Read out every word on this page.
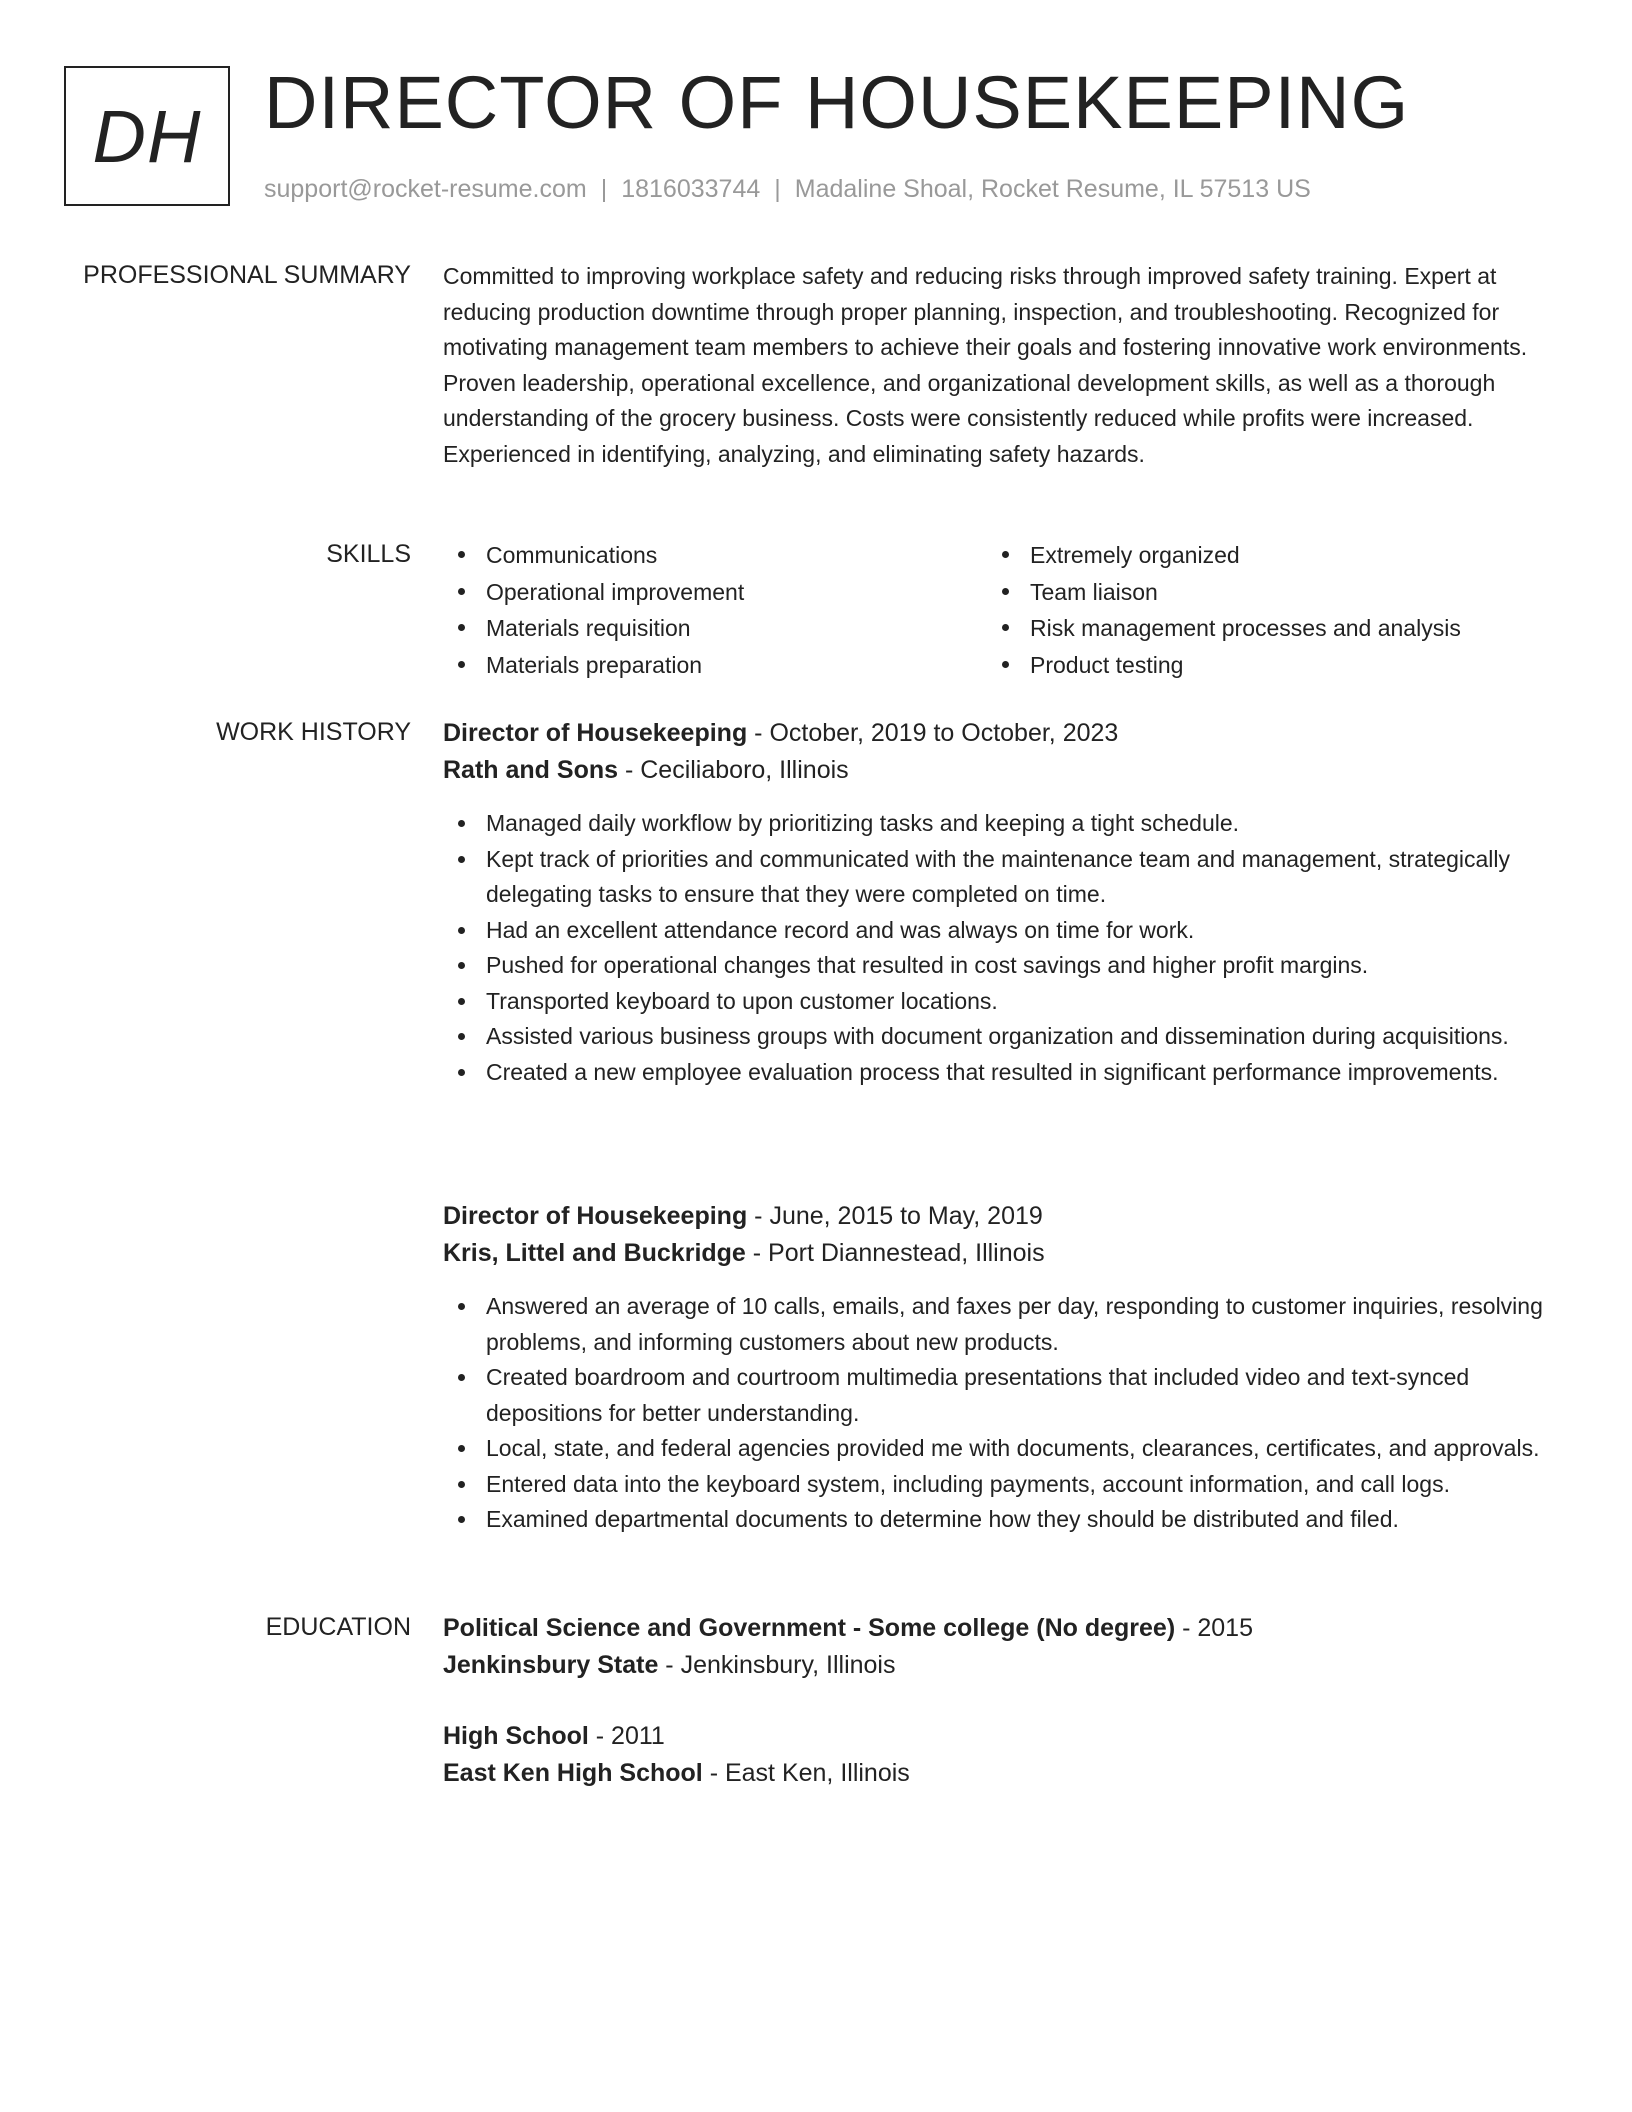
DH DIRECTOR OF HOUSEKEEPING
support@rocket-resume.com | 1816033744 | Madaline Shoal, Rocket Resume, IL 57513 US
PROFESSIONAL SUMMARY Committed to improving workplace safety and reducing risks through improved safety training. Expert at reducing production downtime through proper planning, inspection, and troubleshooting. Recognized for motivating management team members to achieve their goals and fostering innovative work environments. Proven leadership, operational excellence, and organizational development skills, as well as a thorough understanding of the grocery business. Costs were consistently reduced while profits were increased. Experienced in identifying, analyzing, and eliminating safety hazards.

SKILLS	Communications	Extremely organized
Operational improvement	Team liaison
Materials requisition	Risk management processes and analysis
Materials preparation	Product testing
WORK HISTORY Director of Housekeeping - October, 2019 to October, 2023
Rath and Sons - Ceciliaboro, Illinois
Managed daily workflow by prioritizing tasks and keeping a tight schedule.
Kept track of priorities and communicated with the maintenance team and management, strategically delegating tasks to ensure that they were completed on time.
Had an excellent attendance record and was always on time for work.
Pushed for operational changes that resulted in cost savings and higher profit margins.
Transported keyboard to upon customer locations.
Assisted various business groups with document organization and dissemination during acquisitions.
Created a new employee evaluation process that resulted in significant performance improvements.
Director of Housekeeping - June, 2015 to May, 2019
Kris, Littel and Buckridge - Port Diannestead, Illinois
Answered an average of 10 calls, emails, and faxes per day, responding to customer inquiries, resolving problems, and informing customers about new products.
Created boardroom and courtroom multimedia presentations that included video and text-synced depositions for better understanding.
Local, state, and federal agencies provided me with documents, clearances, certificates, and approvals.
Entered data into the keyboard system, including payments, account information, and call logs.
Examined departmental documents to determine how they should be distributed and filed.
EDUCATION Political Science and Government - Some college (No degree) - 2015
Jenkinsbury State - Jenkinsbury, Illinois
High School - 2011
East Ken High School - East Ken, Illinois
